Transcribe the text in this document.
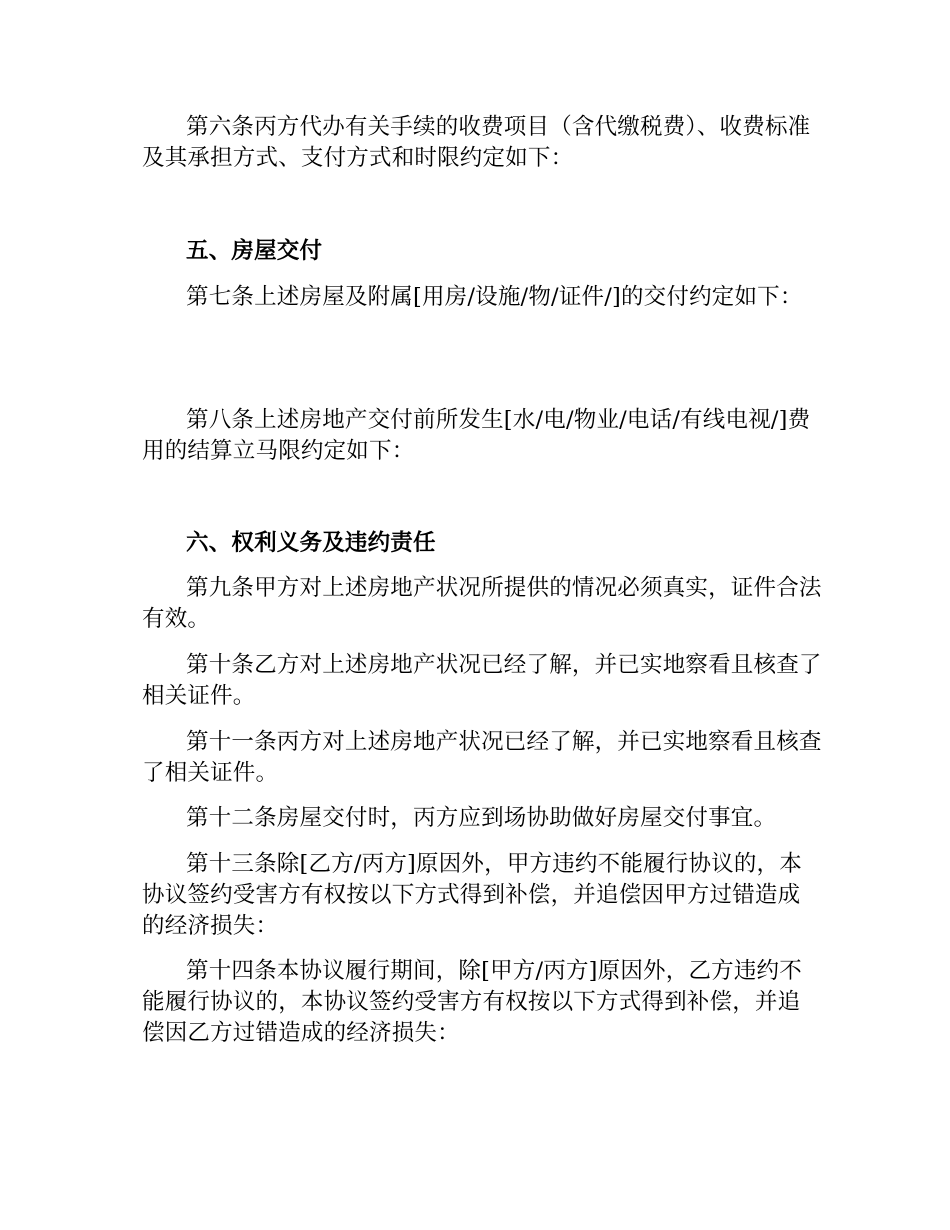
第六条丙方代办有关手续的收费项目（含代缴税费）、收费标准及其承担方式、支付方式和时限约定如下：
五、房屋交付
第七条上述房屋及附属[用房/设施/物/证件/]的交付约定如下：
第八条上述房地产交付前所发生[水/电/物业/电话/有线电视/]费用的结算立马限约定如下：
六、权利义务及违约责任
第九条甲方对上述房地产状况所提供的情况必须真实，证件合法有效。
第十条乙方对上述房地产状况已经了解，并已实地察看且核查了相关证件。
第十一条丙方对上述房地产状况已经了解，并已实地察看且核查了相关证件。
第十二条房屋交付时，丙方应到场协助做好房屋交付事宜。
第十三条除[乙方/丙方]原因外，甲方违约不能履行协议的，本协议签约受害方有权按以下方式得到补偿，并追偿因甲方过错造成的经济损失：
第十四条本协议履行期间，除[甲方/丙方]原因外，乙方违约不能履行协议的，本协议签约受害方有权按以下方式得到补偿，并追偿因乙方过错造成的经济损失：
